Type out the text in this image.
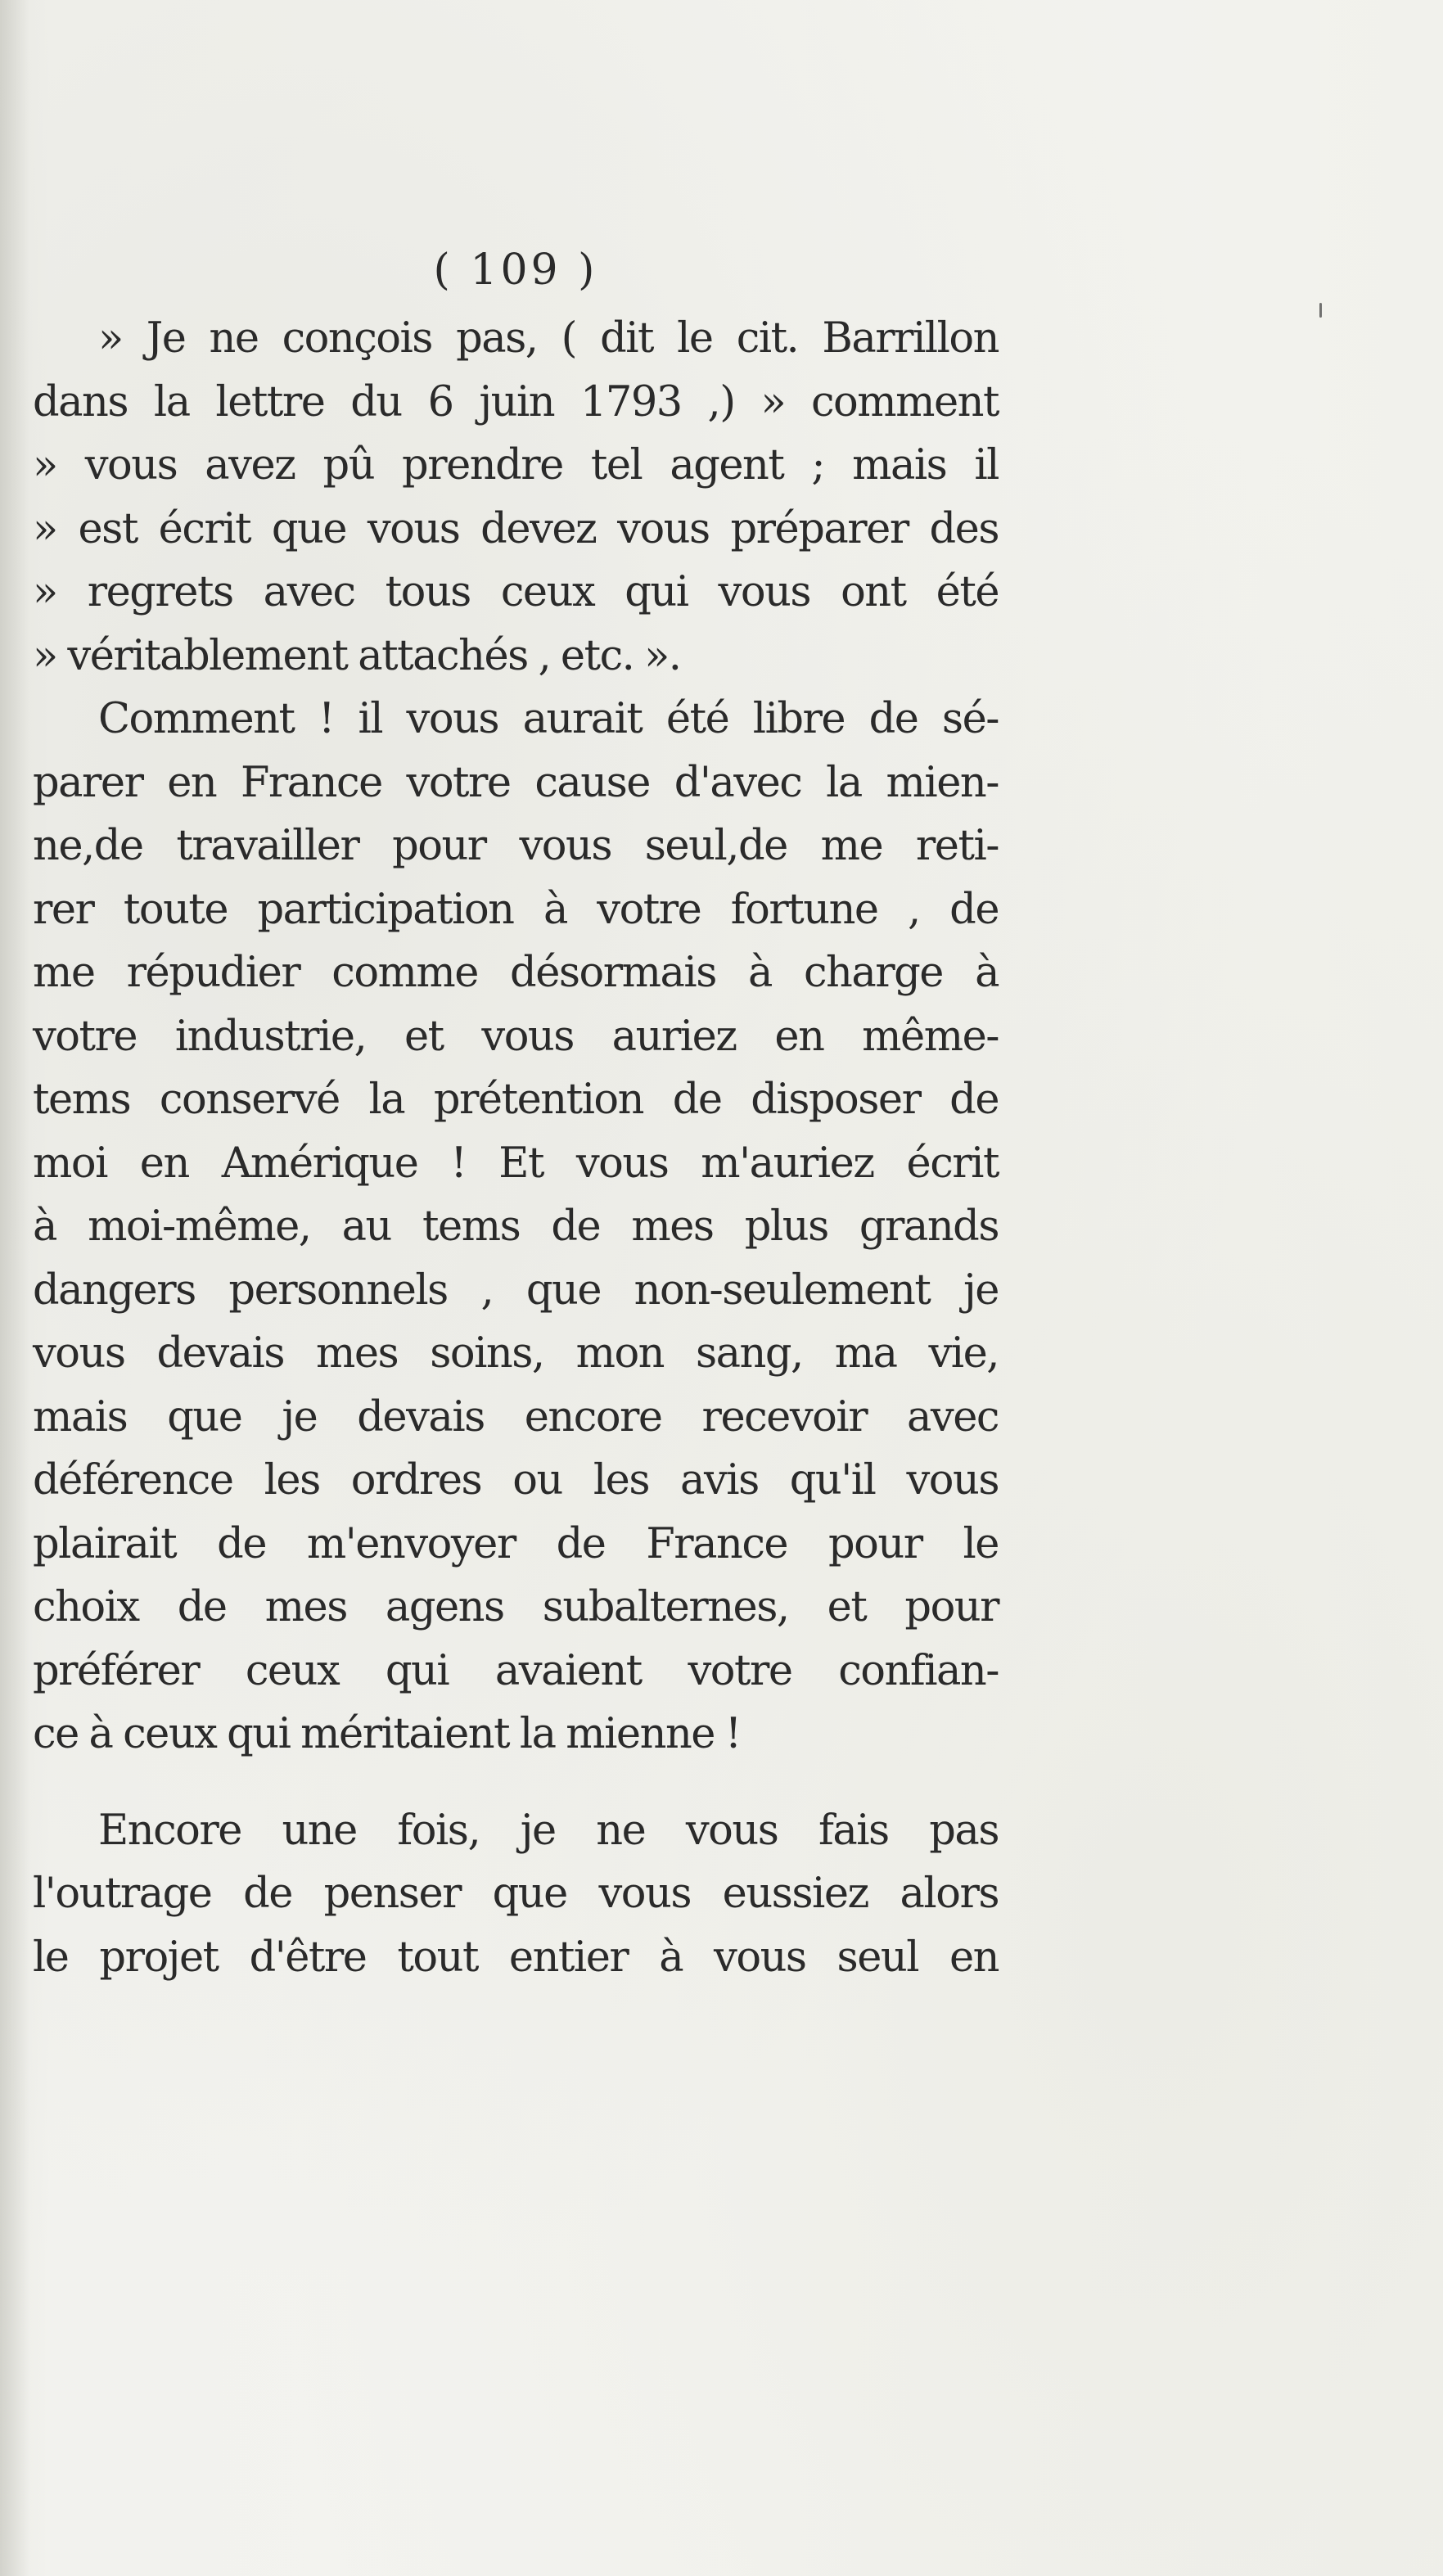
( 109 )
» Je ne conçois pas, ( dit le cit. Barrillon
dans la lettre du 6 juin 1793 ,) » comment
» vous avez pû prendre tel agent ; mais il
» est écrit que vous devez vous préparer des
» regrets avec tous ceux qui vous ont été
» véritablement attachés , etc. ».
Comment ! il vous aurait été libre de sé-
parer en France votre cause d'avec la mien-
ne,de travailler pour vous seul,de me reti-
rer toute participation à votre fortune , de
me répudier comme désormais à charge à
votre industrie, et vous auriez en même-
tems conservé la prétention de disposer de
moi en Amérique ! Et vous m'auriez écrit
à moi-même, au tems de mes plus grands
dangers personnels , que non-seulement je
vous devais mes soins, mon sang, ma vie,
mais que je devais encore recevoir avec
déférence les ordres ou les avis qu'il vous
plairait de m'envoyer de France pour le
choix de mes agens subalternes, et pour
préférer ceux qui avaient votre confian-
ce à ceux qui méritaient la mienne !
Encore une fois, je ne vous fais pas
l'outrage de penser que vous eussiez alors
le projet d'être tout entier à vous seul en
